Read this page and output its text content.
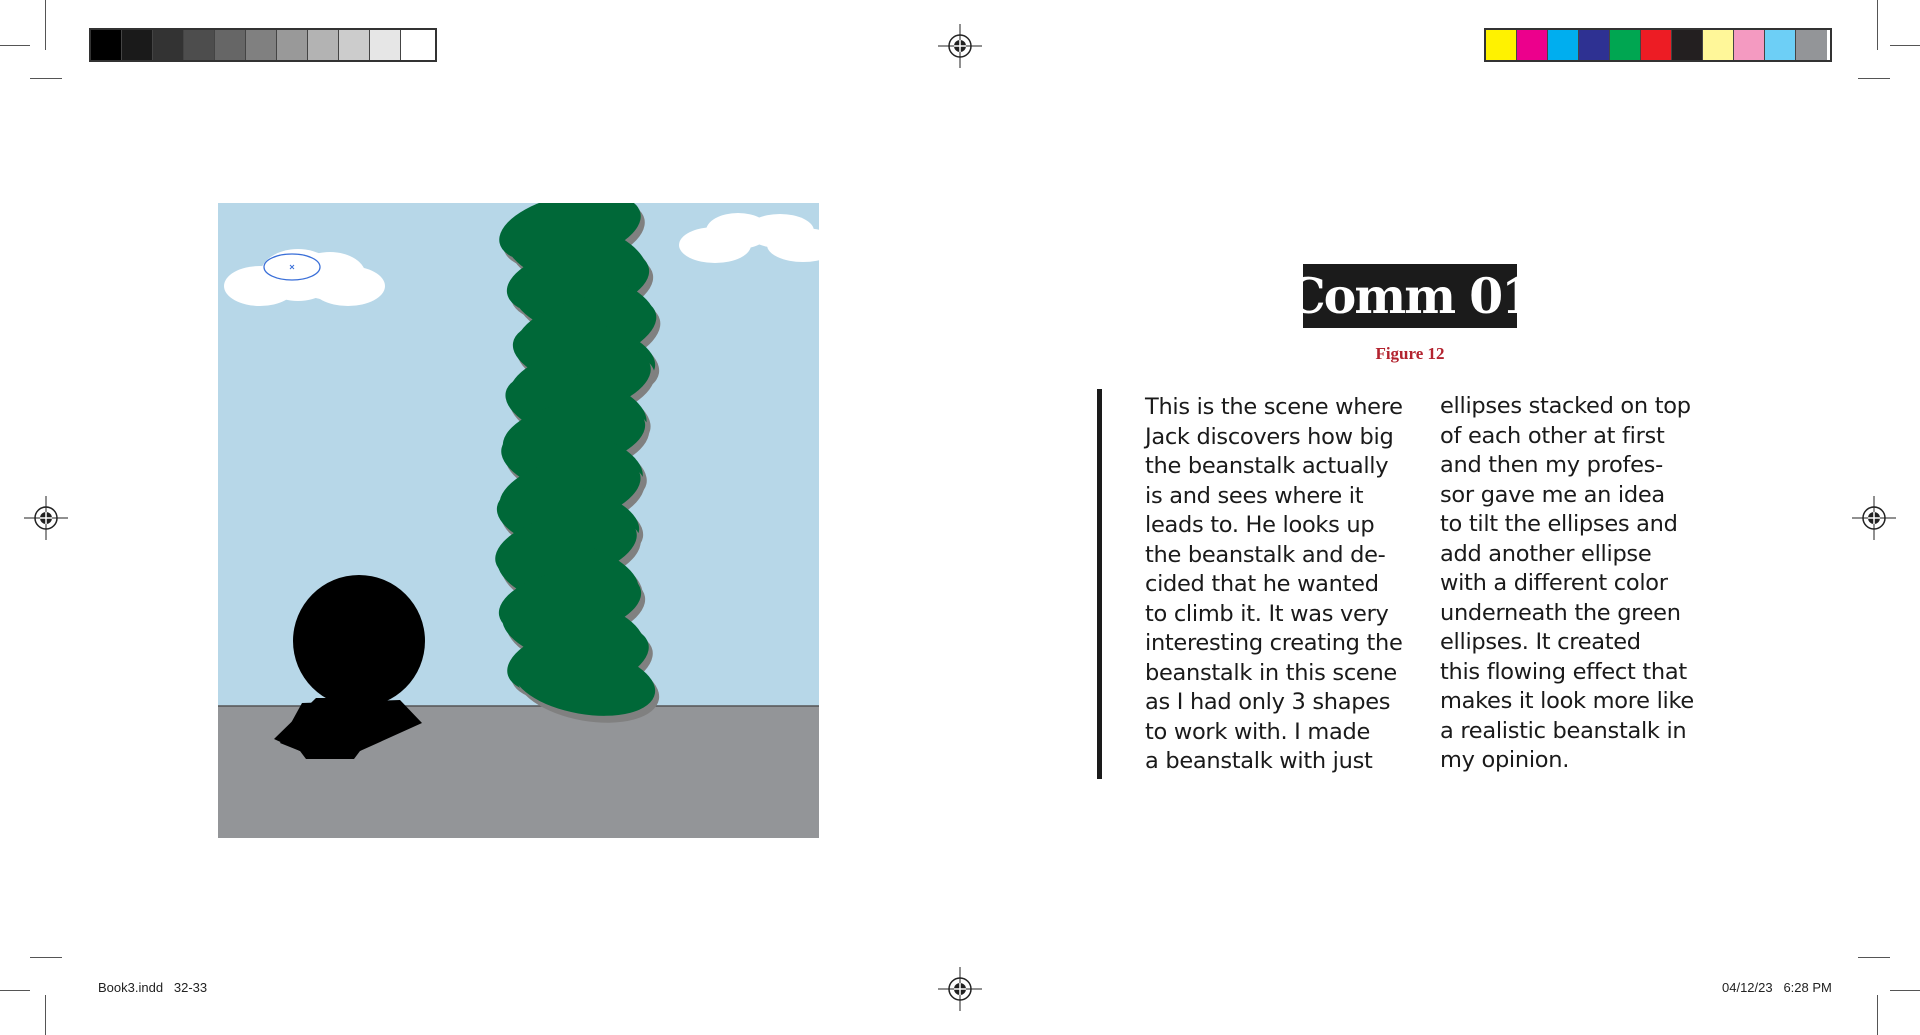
Comm 01
Figure 12
This is the scene where
Jack discovers how big
the beanstalk actually
is and sees where it
leads to. He looks up
the beanstalk and de-
cided that he wanted
to climb it. It was very
interesting creating the
beanstalk in this scene
as I had only 3 shapes
to work with. I made
a beanstalk with just
ellipses stacked on top
of each other at first
and then my profes-
sor gave me an idea
to tilt the ellipses and
add another ellipse
with a different color
underneath the green
ellipses. It created
this flowing effect that
makes it look more like
a realistic beanstalk in
my opinion.
Book3.indd   32-33	04/12/23   6:28 PM
